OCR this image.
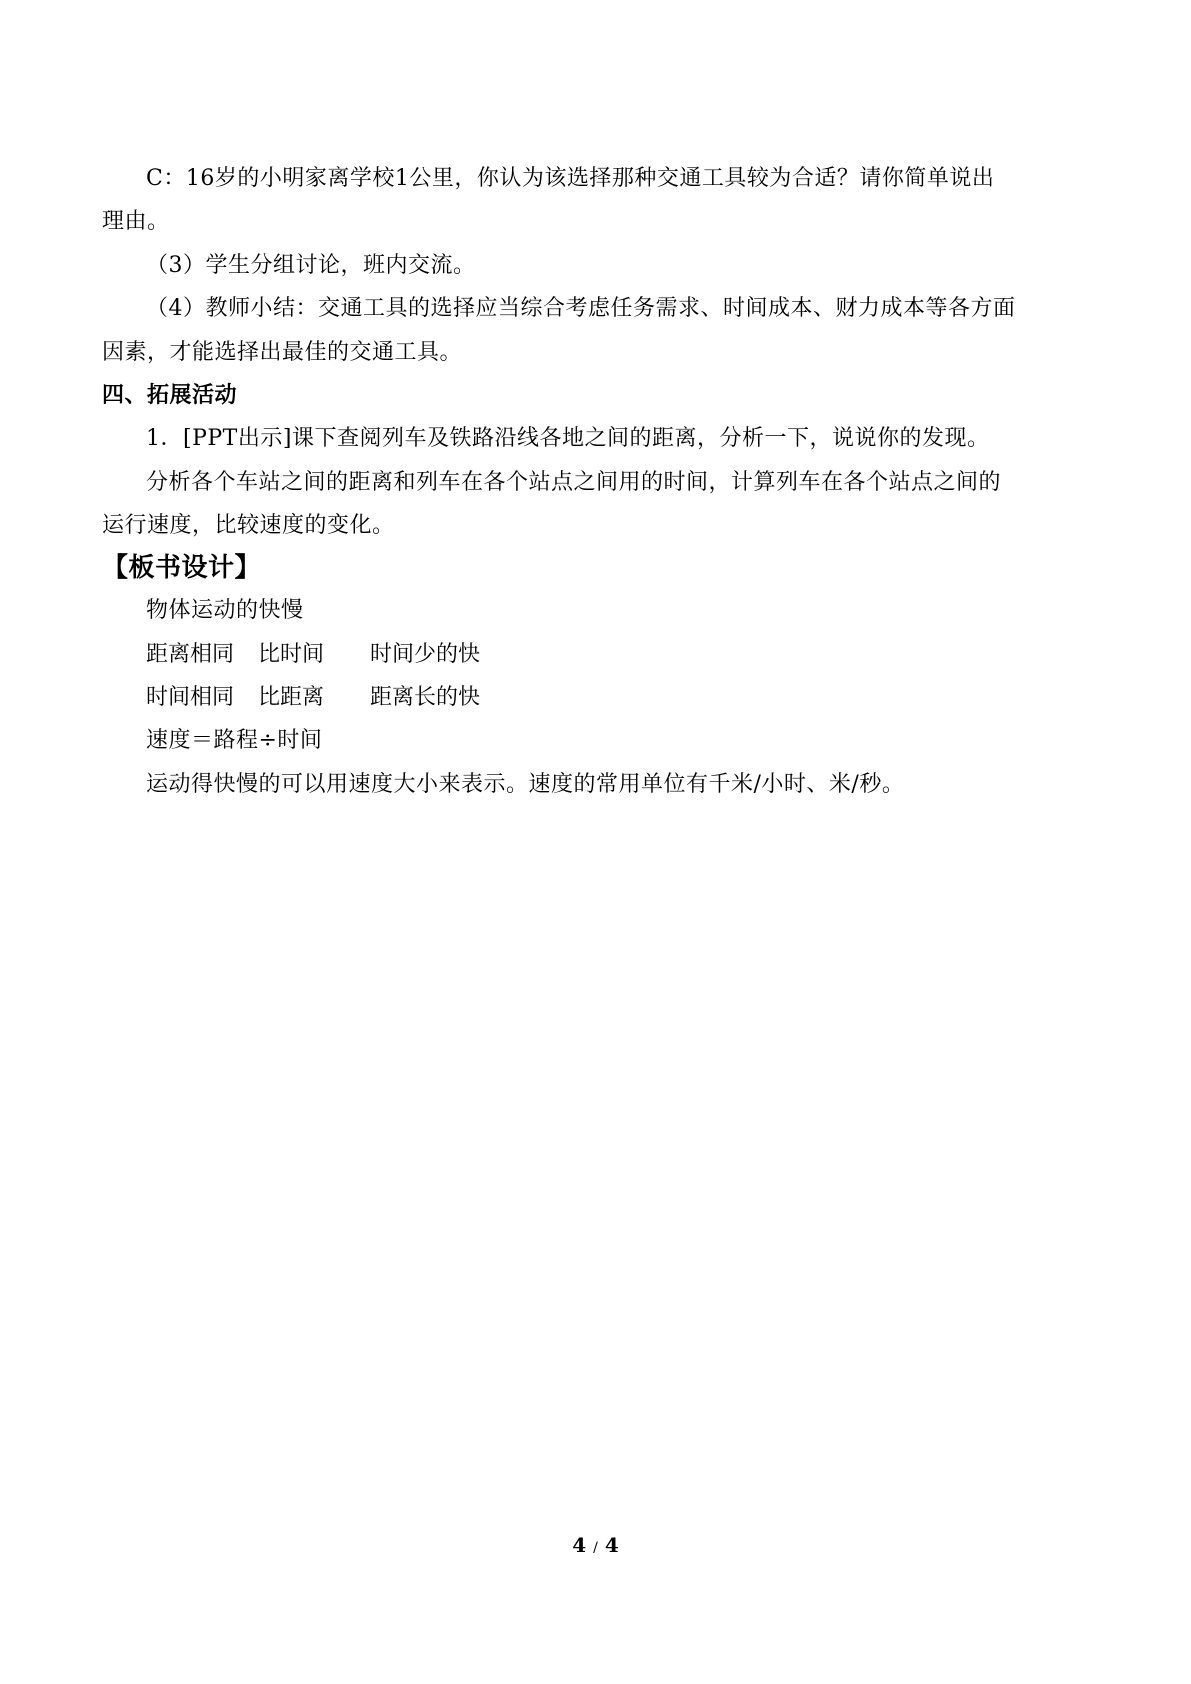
C：16岁的小明家离学校1公里，你认为该选择那种交通工具较为合适？请你简单说出
理由。
（3）学生分组讨论，班内交流。
（4）教师小结：交通工具的选择应当综合考虑任务需求、时间成本、财力成本等各方面
因素，才能选择出最佳的交通工具。
四、拓展活动
1．[PPT出示]课下查阅列车及铁路沿线各地之间的距离，分析一下，说说你的发现。
分析各个车站之间的距离和列车在各个站点之间用的时间，计算列车在各个站点之间的
运行速度，比较速度的变化。
【板书设计】
物体运动的快慢
距离相同 比时间 时间少的快
时间相同 比距离 距离长的快
速度＝路程÷时间
运动得快慢的可以用速度大小来表示。速度的常用单位有千米/小时、米/秒。
4 / 4
